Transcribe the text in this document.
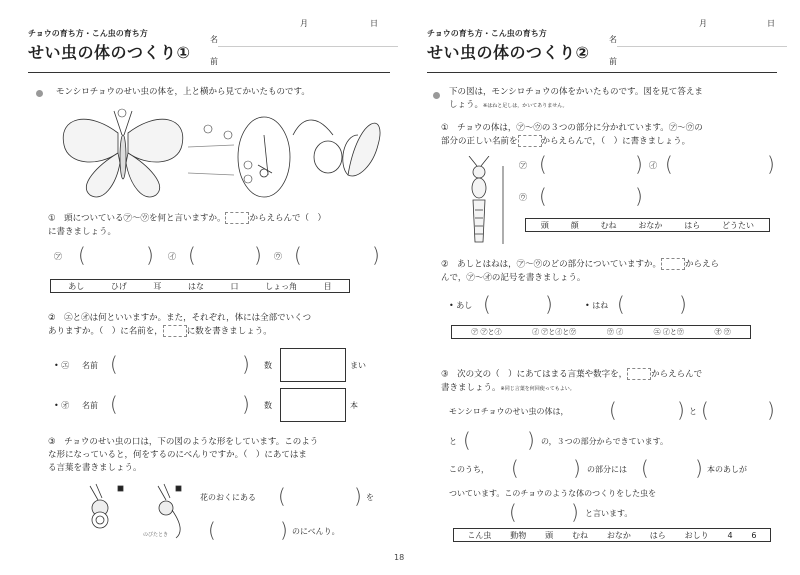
チョウの育ち方・こん虫の育ち方
せい虫の体のつくり①
名
前
月	日
モンシロチョウのせい虫の体を，上と横から見てかいたものです。
①　頭についている㋐〜㋒を何と言いますか。	からえらんで（　）
に書きましょう。
㋐ (	) ㋑ (	) ㋒ (	)
あし	ひげ	耳	はな	口	しょっ角	目
②　㋓と㋔は何といいますか。また，それぞれ，体には全部でいくつ
ありますか。（　）に名前を，	に数を書きましょう。
• ㋓ 名前 (	) 数	まい
• ㋔ 名前 (	) 数	本
③　チョウのせい虫の口は，下の図のような形をしています。このよう
な形になっていると，何をするのにべんりですか。（　）にあてはま
る言葉を書きましょう。
のびたとき
花のおくにある (	) を
(	) のにべんり。
チョウの育ち方・こん虫の育ち方
せい虫の体のつくり②
名
前
月	日
下の図は，モンシロチョウの体をかいたものです。図を見て答えま
しょう。※はねと足しは，かいてありません。
①　チョウの体は，㋐〜㋒の３つの部分に分かれています。㋐〜㋒の
部分の正しい名前を	からえらんで，（　）に書きましょう。
㋐ (	) ㋑ (	)
㋒ (	)
頭	顔	むね	おなか	はら	どうたい
②　あしとはねは，㋐〜㋒のどの部分についていますか。	からえら
んで，㋐〜㋔の記号を書きましょう。
• あし (	)	• はね (	)
㋐ ㋐と㋑	㋑ ㋐と㋑と㋒	㋒ ㋑	㋓ ㋑と㋒	㋔ ㋒
③　次の文の（　）にあてはまる言葉や数字を，	からえらんで
書きましょう。※同じ言葉を何回使ってもよい。
モンシロチョウのせい虫の体は， (	) と (	)
と (	) の，３つの部分からできています。
このうち， (	) の部分には ( ) 本のあしが
ついています。このチョウのような体のつくりをした虫を
(	) と言います。
こん虫 動物 頭 むね おなか はら おしり 4 6
18
